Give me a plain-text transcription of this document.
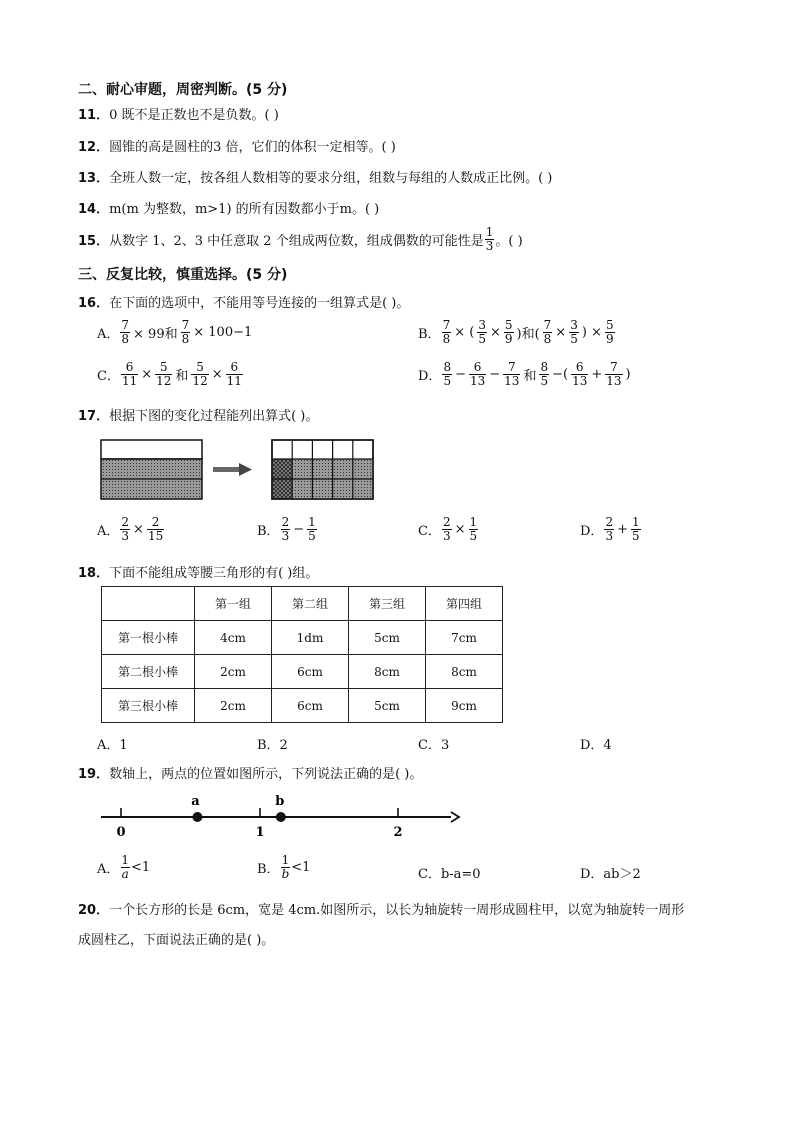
二、耐心审题，周密判断。(5 分)
11．0 既不是正数也不是负数。( )
12．圆锥的高是圆柱的3 倍，它们的体积一定相等。( )
13．全班人数一定，按各组人数相等的要求分组，组数与每组的人数成正比例。( )
14．m(m 为整数，m>1) 的所有因数都小于m。( )
15． 从数字 1、2、3 中任意取 2 个组成两位数，组成偶数的可能性是 $\frac{1}{3}$ 。( )
三、反复比较，慎重选择。(5 分)
16．在下面的选项中，不能用等号连接的一组算式是( )。
A． $\frac{7}{8} \times 99$和 $\frac{7}{8} \times 100-1$	B． $\frac{7}{8}$ × ( $\frac{3}{5} \times \frac{5}{9}$ )和( $\frac{7}{8} \times \frac{3}{5}$ ) × $\frac{5}{9}$
C． $\frac{6}{11} \times \frac{5}{12}$ 和 $\frac{5}{12} \times \frac{6}{11}$	D． $\frac{8}{5} - \frac{6}{13} - \frac{7}{13}$ 和 $\frac{8}{5}$ −( $\frac{6}{13} + \frac{7}{13}$ )
17．根据下图的变化过程能列出算式( )。
A． $\frac{2}{3} \times \frac{2}{15}$	B． $\frac{2}{3} - \frac{1}{5}$	C． $\frac{2}{3} \times \frac{1}{5}$	D． $\frac{2}{3} + \frac{1}{5}$
18．下面不能组成等腰三角形的有( )组。
	第一组	第二组	第三组	第四组
第一根小棒	4cm	1dm	5cm	7cm
第二根小棒	2cm	6cm	8cm	8cm
第三根小棒	2cm	6cm	5cm	9cm
A．1	B．2	C．3	D．4
19．数轴上，两点的位置如图所示，下列说法正确的是( )。
0	1	2
a	b
A． $\frac{1}{a} <1$	B． $\frac{1}{b} <1$	C．b-a=0	D．ab＞2
20．一个长方形的长是 6cm，宽是 4cm.如图所示，以长为轴旋转一周形成圆柱甲，以宽为轴旋转一周形
成圆柱乙，下面说法正确的是( )。
